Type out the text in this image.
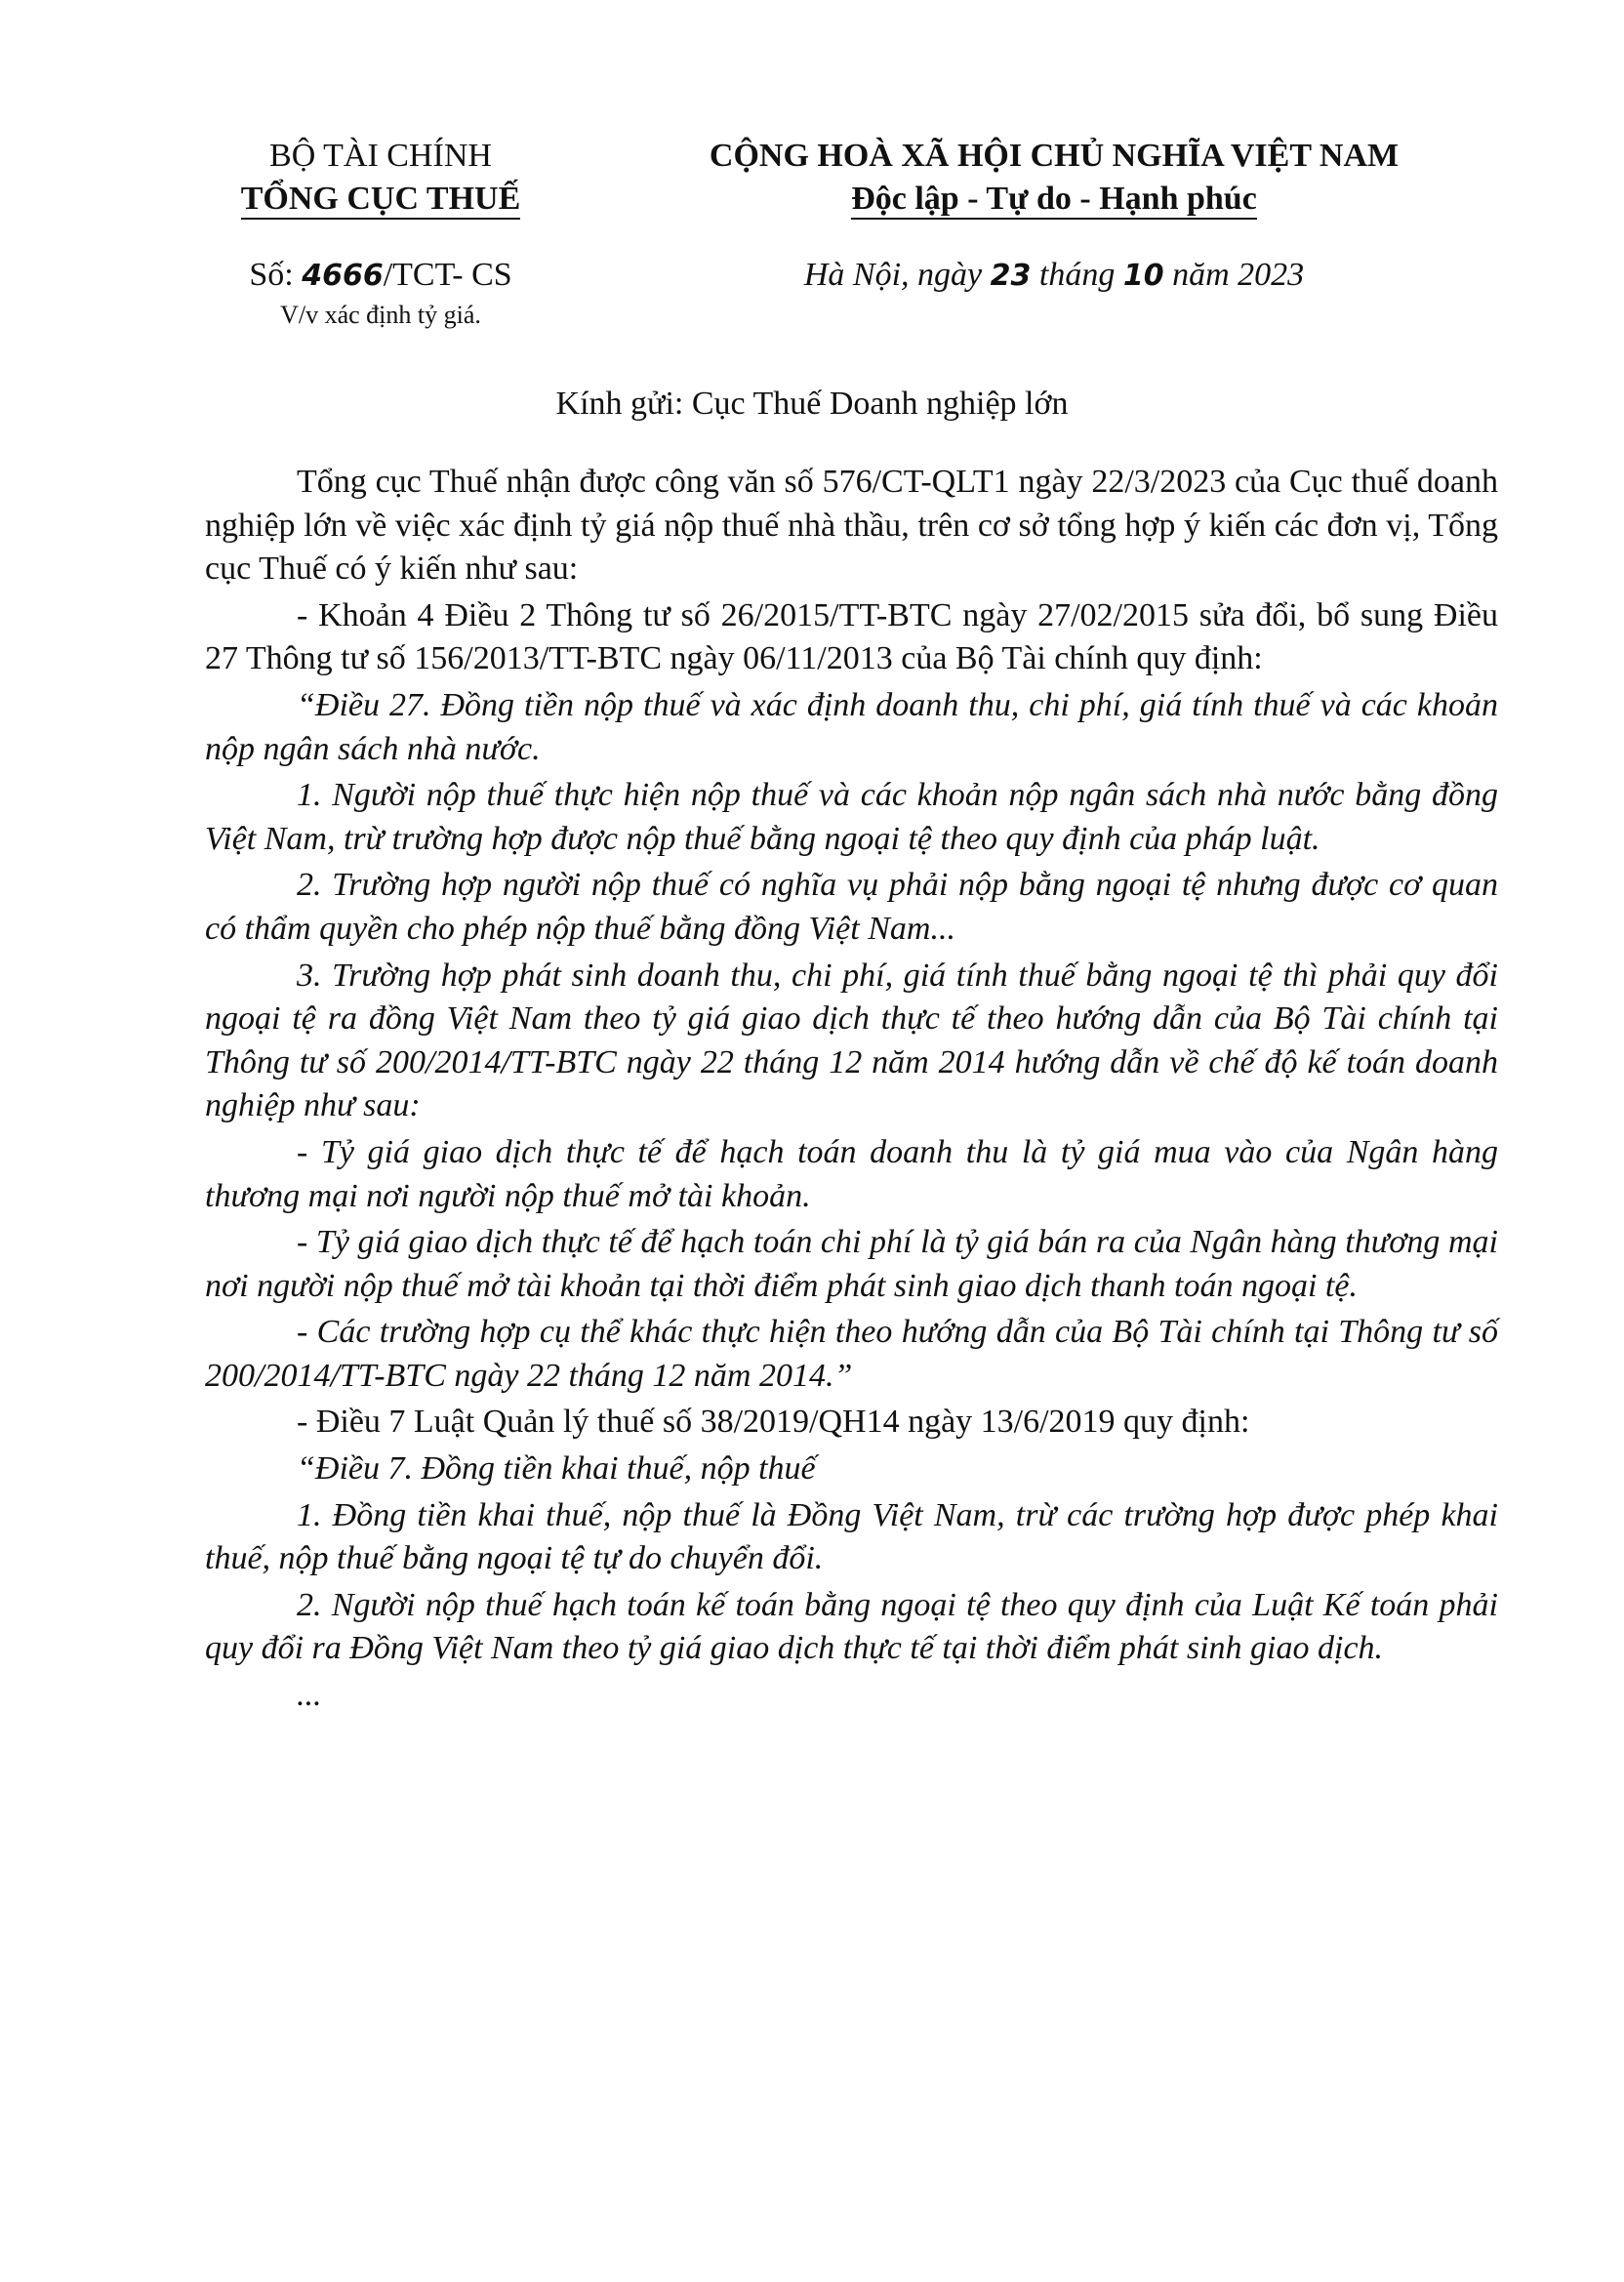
BỘ TÀI CHÍNH
TỔNG CỤC THUẾ
CỘNG HOÀ XÃ HỘI CHỦ NGHĨA VIỆT NAM
Độc lập - Tự do - Hạnh phúc
Số: 4666/TCT- CS
V/v xác định tỷ giá.
Hà Nội, ngày 23 tháng 10 năm 2023
Kính gửi: Cục Thuế Doanh nghiệp lớn

Tổng cục Thuế nhận được công văn số 576/CT-QLT1 ngày 22/3/2023 của Cục thuế doanh nghiệp lớn về việc xác định tỷ giá nộp thuế nhà thầu, trên cơ sở tổng hợp ý kiến các đơn vị, Tổng cục Thuế có ý kiến như sau:

- Khoản 4 Điều 2 Thông tư số 26/2015/TT-BTC ngày 27/02/2015 sửa đổi, bổ sung Điều 27 Thông tư số 156/2013/TT-BTC ngày 06/11/2013 của Bộ Tài chính quy định:

“Điều 27. Đồng tiền nộp thuế và xác định doanh thu, chi phí, giá tính thuế và các khoản nộp ngân sách nhà nước.

1. Người nộp thuế thực hiện nộp thuế và các khoản nộp ngân sách nhà nước bằng đồng Việt Nam, trừ trường hợp được nộp thuế bằng ngoại tệ theo quy định của pháp luật.

2. Trường hợp người nộp thuế có nghĩa vụ phải nộp bằng ngoại tệ nhưng được cơ quan có thẩm quyền cho phép nộp thuế bằng đồng Việt Nam...

3. Trường hợp phát sinh doanh thu, chi phí, giá tính thuế bằng ngoại tệ thì phải quy đổi ngoại tệ ra đồng Việt Nam theo tỷ giá giao dịch thực tế theo hướng dẫn của Bộ Tài chính tại Thông tư số 200/2014/TT-BTC ngày 22 tháng 12 năm 2014 hướng dẫn về chế độ kế toán doanh nghiệp như sau:

- Tỷ giá giao dịch thực tế để hạch toán doanh thu là tỷ giá mua vào của Ngân hàng thương mại nơi người nộp thuế mở tài khoản.

- Tỷ giá giao dịch thực tế để hạch toán chi phí là tỷ giá bán ra của Ngân hàng thương mại nơi người nộp thuế mở tài khoản tại thời điểm phát sinh giao dịch thanh toán ngoại tệ.

- Các trường hợp cụ thể khác thực hiện theo hướng dẫn của Bộ Tài chính tại Thông tư số 200/2014/TT-BTC ngày 22 tháng 12 năm 2014.”

- Điều 7 Luật Quản lý thuế số 38/2019/QH14 ngày 13/6/2019 quy định:

“Điều 7. Đồng tiền khai thuế, nộp thuế

1. Đồng tiền khai thuế, nộp thuế là Đồng Việt Nam, trừ các trường hợp được phép khai thuế, nộp thuế bằng ngoại tệ tự do chuyển đổi.

2. Người nộp thuế hạch toán kế toán bằng ngoại tệ theo quy định của Luật Kế toán phải quy đổi ra Đồng Việt Nam theo tỷ giá giao dịch thực tế tại thời điểm phát sinh giao dịch.

...
